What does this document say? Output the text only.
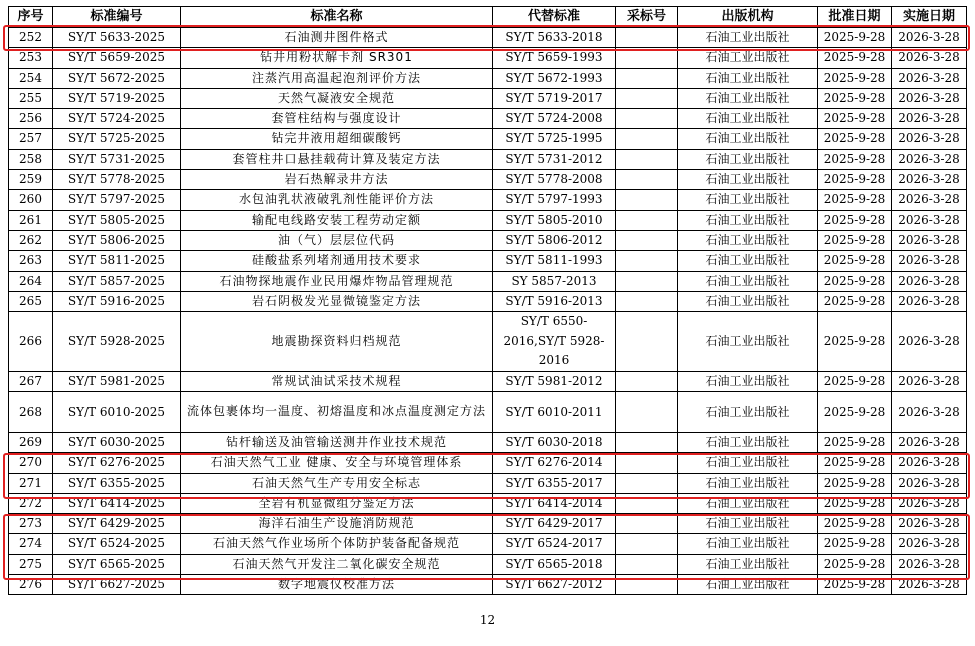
序号	标准编号	标准名称	代替标准	采标号	出版机构	批准日期	实施日期
252	SY/T 5633-2025	石油测井图件格式	SY/T 5633-2018		石油工业出版社	2025-9-28	2026-3-28
253	SY/T 5659-2025	钻井用粉状解卡剂 SR301	SY/T 5659-1993		石油工业出版社	2025-9-28	2026-3-28
254	SY/T 5672-2025	注蒸汽用高温起泡剂评价方法	SY/T 5672-1993		石油工业出版社	2025-9-28	2026-3-28
255	SY/T 5719-2025	天然气凝液安全规范	SY/T 5719-2017		石油工业出版社	2025-9-28	2026-3-28
256	SY/T 5724-2025	套管柱结构与强度设计	SY/T 5724-2008		石油工业出版社	2025-9-28	2026-3-28
257	SY/T 5725-2025	钻完井液用超细碳酸钙	SY/T 5725-1995		石油工业出版社	2025-9-28	2026-3-28
258	SY/T 5731-2025	套管柱井口悬挂载荷计算及装定方法	SY/T 5731-2012		石油工业出版社	2025-9-28	2026-3-28
259	SY/T 5778-2025	岩石热解录井方法	SY/T 5778-2008		石油工业出版社	2025-9-28	2026-3-28
260	SY/T 5797-2025	水包油乳状液破乳剂性能评价方法	SY/T 5797-1993		石油工业出版社	2025-9-28	2026-3-28
261	SY/T 5805-2025	输配电线路安装工程劳动定额	SY/T 5805-2010		石油工业出版社	2025-9-28	2026-3-28
262	SY/T 5806-2025	油（气）层层位代码	SY/T 5806-2012		石油工业出版社	2025-9-28	2026-3-28
263	SY/T 5811-2025	硅酸盐系列堵剂通用技术要求	SY/T 5811-1993		石油工业出版社	2025-9-28	2026-3-28
264	SY/T 5857-2025	石油物探地震作业民用爆炸物品管理规范	SY 5857-2013		石油工业出版社	2025-9-28	2026-3-28
265	SY/T 5916-2025	岩石阴极发光显微镜鉴定方法	SY/T 5916-2013		石油工业出版社	2025-9-28	2026-3-28
266	SY/T 5928-2025	地震勘探资料归档规范	SY/T 6550-2016,SY/T 5928-2016		石油工业出版社	2025-9-28	2026-3-28
267	SY/T 5981-2025	常规试油试采技术规程	SY/T 5981-2012		石油工业出版社	2025-9-28	2026-3-28
268	SY/T 6010-2025	流体包裹体均一温度、初熔温度和冰点温度测定方法	SY/T 6010-2011		石油工业出版社	2025-9-28	2026-3-28
269	SY/T 6030-2025	钻杆输送及油管输送测井作业技术规范	SY/T 6030-2018		石油工业出版社	2025-9-28	2026-3-28
270	SY/T 6276-2025	石油天然气工业 健康、安全与环境管理体系	SY/T 6276-2014		石油工业出版社	2025-9-28	2026-3-28
271	SY/T 6355-2025	石油天然气生产专用安全标志	SY/T 6355-2017		石油工业出版社	2025-9-28	2026-3-28
272	SY/T 6414-2025	全岩有机显微组分鉴定方法	SY/T 6414-2014		石油工业出版社	2025-9-28	2026-3-28
273	SY/T 6429-2025	海洋石油生产设施消防规范	SY/T 6429-2017		石油工业出版社	2025-9-28	2026-3-28
274	SY/T 6524-2025	石油天然气作业场所个体防护装备配备规范	SY/T 6524-2017		石油工业出版社	2025-9-28	2026-3-28
275	SY/T 6565-2025	石油天然气开发注二氧化碳安全规范	SY/T 6565-2018		石油工业出版社	2025-9-28	2026-3-28
276	SY/T 6627-2025	数字地震仪校准方法	SY/T 6627-2012		石油工业出版社	2025-9-28	2026-3-28
12
